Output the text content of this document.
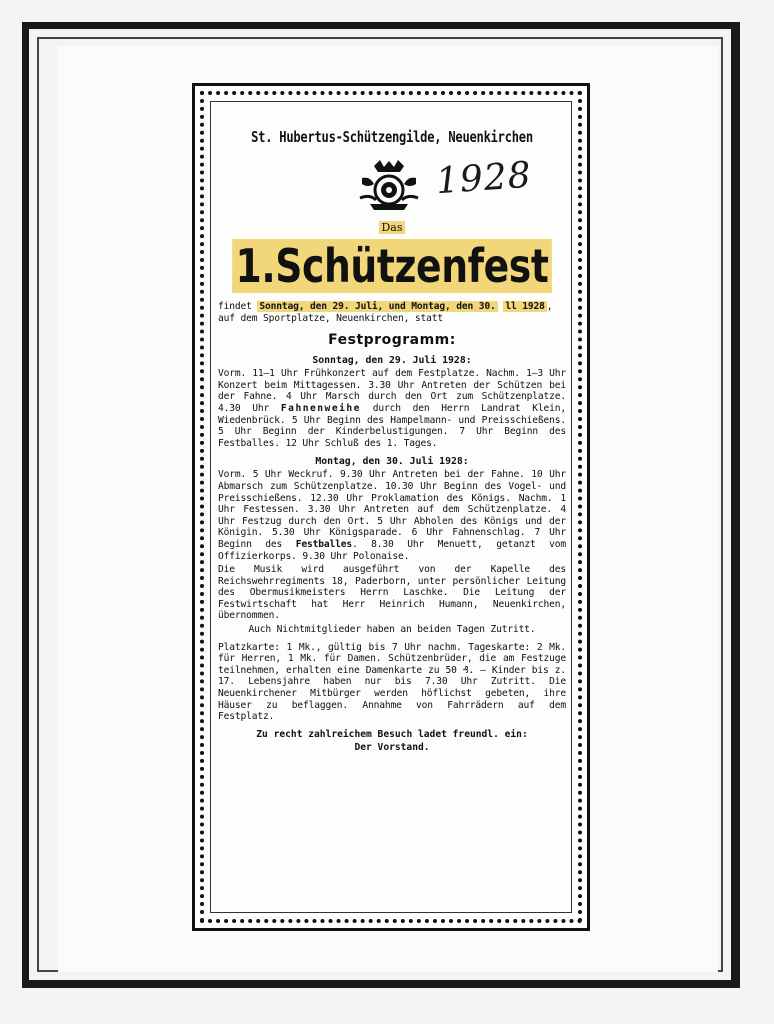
St. Hubertus-Schützengilde, Neuenkirchen
1928
Das
1.Schützenfest
findet Sonntag, den 29. Juli, und Montag, den 30. ll 1928 , auf dem Sportplatze, Neuenkirchen, statt
Festprogramm:
Sonntag, den 29. Juli 1928:
Vorm. 11—1 Uhr Frühkonzert auf dem Festplatze. Nachm. 1—3 Uhr Konzert beim Mittagessen. 3.30 Uhr Antreten der Schützen bei der Fahne. 4 Uhr Marsch durch den Ort zum Schützenplatze. 4.30 Uhr Fahnenweihe durch den Herrn Landrat Klein, Wiedenbrück. 5 Uhr Beginn des Hampelmann- und Preisschießens. 5 Uhr Beginn der Kinderbelustigungen. 7 Uhr Beginn des Festballes. 12 Uhr Schluß des 1. Tages.
Montag, den 30. Juli 1928:
Vorm. 5 Uhr Weckruf. 9.30 Uhr Antreten bei der Fahne. 10 Uhr Abmarsch zum Schützenplatze. 10.30 Uhr Beginn des Vogel- und Preisschießens. 12.30 Uhr Proklamation des Königs. Nachm. 1 Uhr Festessen. 3.30 Uhr Antreten auf dem Schützenplatze. 4 Uhr Festzug durch den Ort. 5 Uhr Abholen des Königs und der Königin. 5.30 Uhr Königsparade. 6 Uhr Fahnenschlag. 7 Uhr Beginn des Festballes. 8.30 Uhr Menuett, getanzt vom Offizierkorps. 9.30 Uhr Polonaise.
Die Musik wird ausgeführt von der Kapelle des Reichswehrregiments 18, Paderborn, unter persönlicher Leitung des Obermusikmeisters Herrn Laschke. Die Leitung der Festwirtschaft hat Herr Heinrich Humann, Neuenkirchen, übernommen.
Auch Nichtmitglieder haben an beiden Tagen Zutritt.
Platzkarte: 1 Mk., gültig bis 7 Uhr nachm. Tageskarte: 2 Mk. für Herren, 1 Mk. für Damen. Schützenbrüder, die am Festzuge teilnehmen, erhalten eine Damenkarte zu 50 ₰. — Kinder bis z. 17. Lebensjahre haben nur bis 7.30 Uhr Zutritt. Die Neuenkirchener Mitbürger werden höflichst gebeten, ihre Häuser zu beflaggen. Annahme von Fahrrädern auf dem Festplatz.
Zu recht zahlreichem Besuch ladet freundl. ein:
Der Vorstand.
